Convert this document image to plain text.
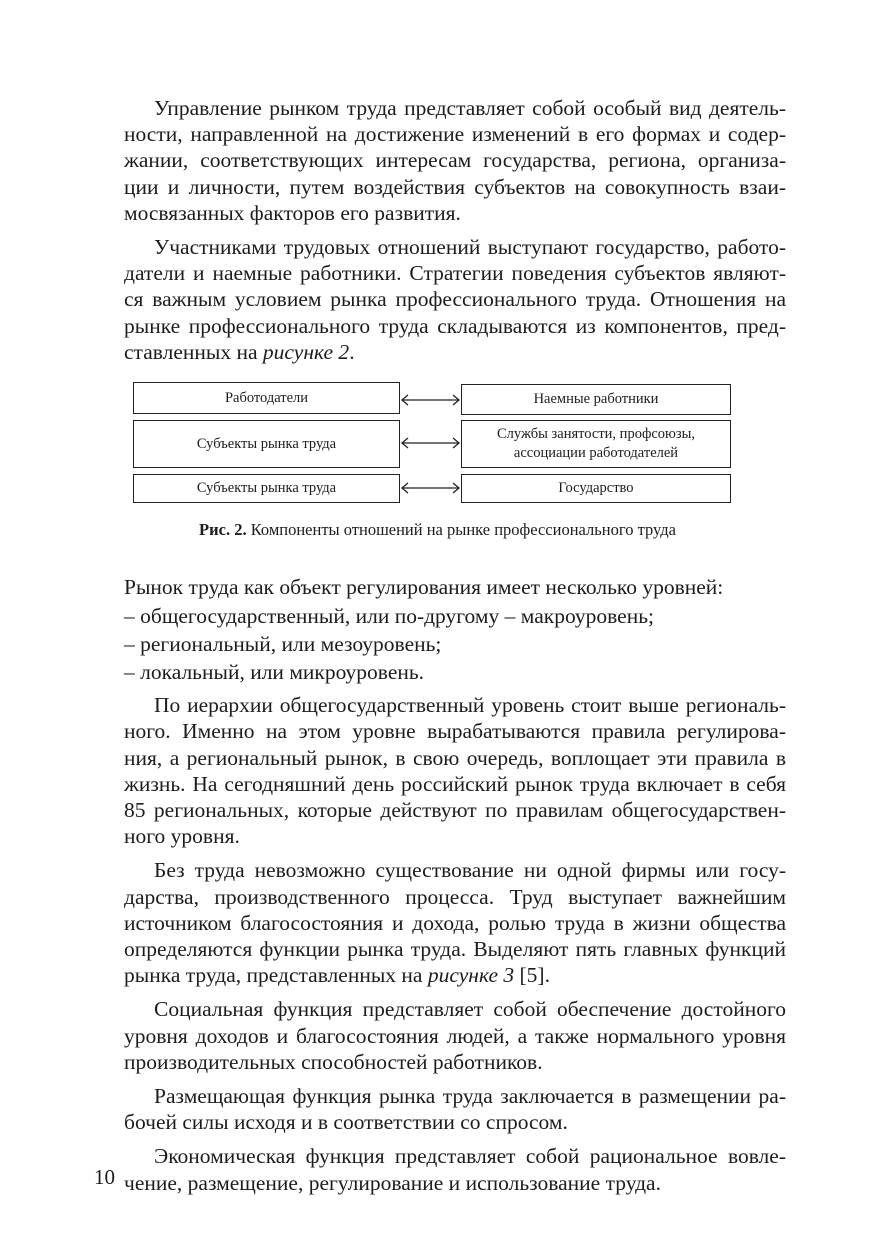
Управление рынком труда представляет собой особый вид деятель-
ности, направленной на достижение изменений в его формах и содер-
жании, соответствующих интересам государства, региона, организа-
ции и личности, путем воздействия субъектов на совокупность взаи-
мосвязанных факторов его развития.

Участниками трудовых отношений выступают государство, работо-
датели и наемные работники. Стратегии поведения субъектов являют-
ся важным условием рынка профессионального труда. Отношения на
рынке профессионального труда складываются из компонентов, пред-
ставленных на рисунке 2.

Работодатели	Наемные работники
Субъекты рынка труда
Службы занятости, профсоюзы, ассоциации работодателей
Субъекты рынка труда	Государство
Рис. 2. Компоненты отношений на рынке профессионального труда

Рынок труда как объект регулирования имеет несколько уровней:

– общегосударственный, или по-другому – макроуровень;
– региональный, или мезоуровень;
– локальный, или микроуровень.

По иерархии общегосударственный уровень стоит выше региональ-
ного. Именно на этом уровне вырабатываются правила регулирова-
ния, а региональный рынок, в свою очередь, воплощает эти правила в
жизнь. На сегодняшний день российский рынок труда включает в себя
85 региональных, которые действуют по правилам общегосударствен-
ного уровня.

Без труда невозможно существование ни одной фирмы или госу-
дарства, производственного процесса. Труд выступает важнейшим
источником благосостояния и дохода, ролью труда в жизни общества
определяются функции рынка труда. Выделяют пять главных функций
рынка труда, представленных на рисунке 3 [5].

Социальная функция представляет собой обеспечение достойного
уровня доходов и благосостояния людей, а также нормального уровня
производительных способностей работников.

Размещающая функция рынка труда заключается в размещении ра-
бочей силы исходя и в соответствии со спросом.

Экономическая функция представляет собой рациональное вовле-
чение, размещение, регулирование и использование труда.

10
